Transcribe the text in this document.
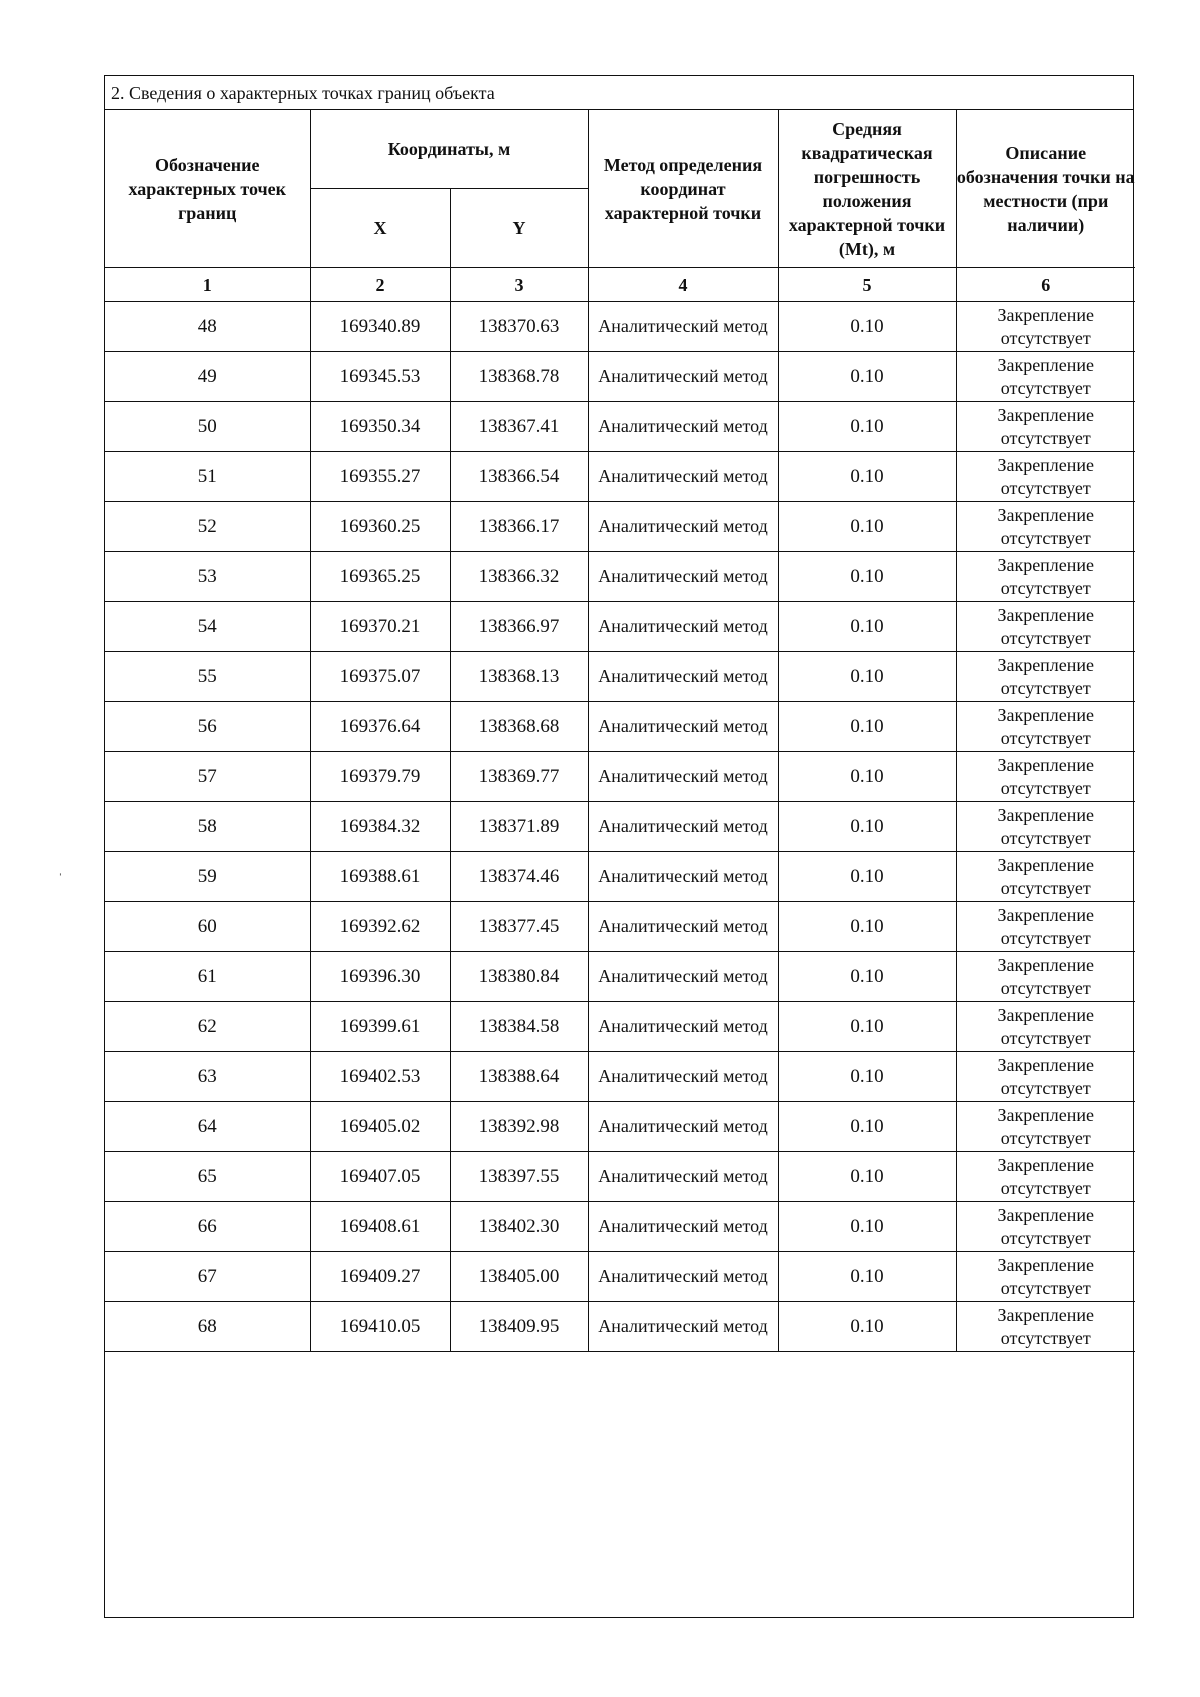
2. Сведения о характерных точках границ объекта
Обозначение характерных точек границ	Координаты, м		Метод определения координат характерной точки	Средняя квадратическая погрешность положения характерной точки (Mt), м	Описание обозначения точки на местности (при наличии)
	X	Y			
1	2	3	4	5	6
48	169340.89	138370.63	Аналитический метод	0.10	Закрепление отсутствует
49	169345.53	138368.78	Аналитический метод	0.10	Закрепление отсутствует
50	169350.34	138367.41	Аналитический метод	0.10	Закрепление отсутствует
51	169355.27	138366.54	Аналитический метод	0.10	Закрепление отсутствует
52	169360.25	138366.17	Аналитический метод	0.10	Закрепление отсутствует
53	169365.25	138366.32	Аналитический метод	0.10	Закрепление отсутствует
54	169370.21	138366.97	Аналитический метод	0.10	Закрепление отсутствует
55	169375.07	138368.13	Аналитический метод	0.10	Закрепление отсутствует
56	169376.64	138368.68	Аналитический метод	0.10	Закрепление отсутствует
57	169379.79	138369.77	Аналитический метод	0.10	Закрепление отсутствует
58	169384.32	138371.89	Аналитический метод	0.10	Закрепление отсутствует
59	169388.61	138374.46	Аналитический метод	0.10	Закрепление отсутствует
60	169392.62	138377.45	Аналитический метод	0.10	Закрепление отсутствует
61	169396.30	138380.84	Аналитический метод	0.10	Закрепление отсутствует
62	169399.61	138384.58	Аналитический метод	0.10	Закрепление отсутствует
63	169402.53	138388.64	Аналитический метод	0.10	Закрепление отсутствует
64	169405.02	138392.98	Аналитический метод	0.10	Закрепление отсутствует
65	169407.05	138397.55	Аналитический метод	0.10	Закрепление отсутствует
66	169408.61	138402.30	Аналитический метод	0.10	Закрепление отсутствует
67	169409.27	138405.00	Аналитический метод	0.10	Закрепление отсутствует
68	169410.05	138409.95	Аналитический метод	0.10	Закрепление отсутствует
ˈ
